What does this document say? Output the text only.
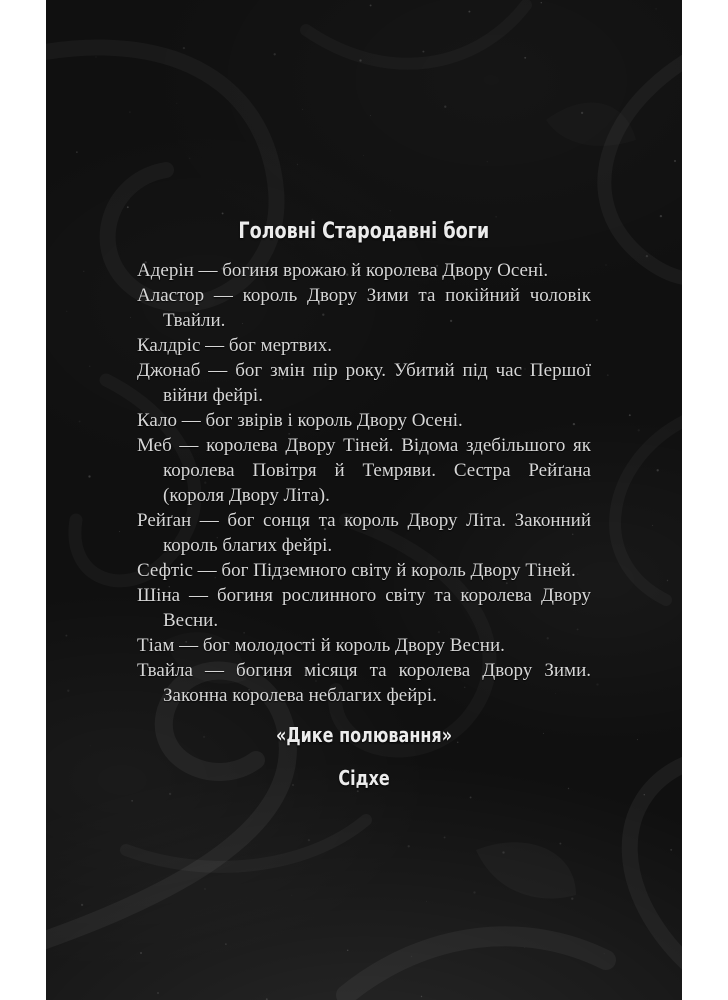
Головні Стародавні боги
Адерін — богиня врожаю й королева Двору Осені.
Аластор — король Двору Зими та покійний чоловік Твайли.
Калдріс — бог мертвих.
Джонаб — бог змін пір року. Убитий під час Першої війни фейрі.
Кало — бог звірів і король Двору Осені.
Меб — королева Двору Тіней. Відома здебільшого як королева Повітря й Темряви. Сестра Рейґана (короля Двору Літа).
Рейґан — бог сонця та король Двору Літа. Законний король благих фейрі.
Сефтіс — бог Підземного світу й король Двору Тіней.
Шіна — богиня рослинного світу та королева Двору Весни.
Тіам — бог молодості й король Двору Весни.
Твайла — богиня місяця та королева Двору Зими. Законна королева неблагих фейрі.
«Дике полювання»
Сідхе
